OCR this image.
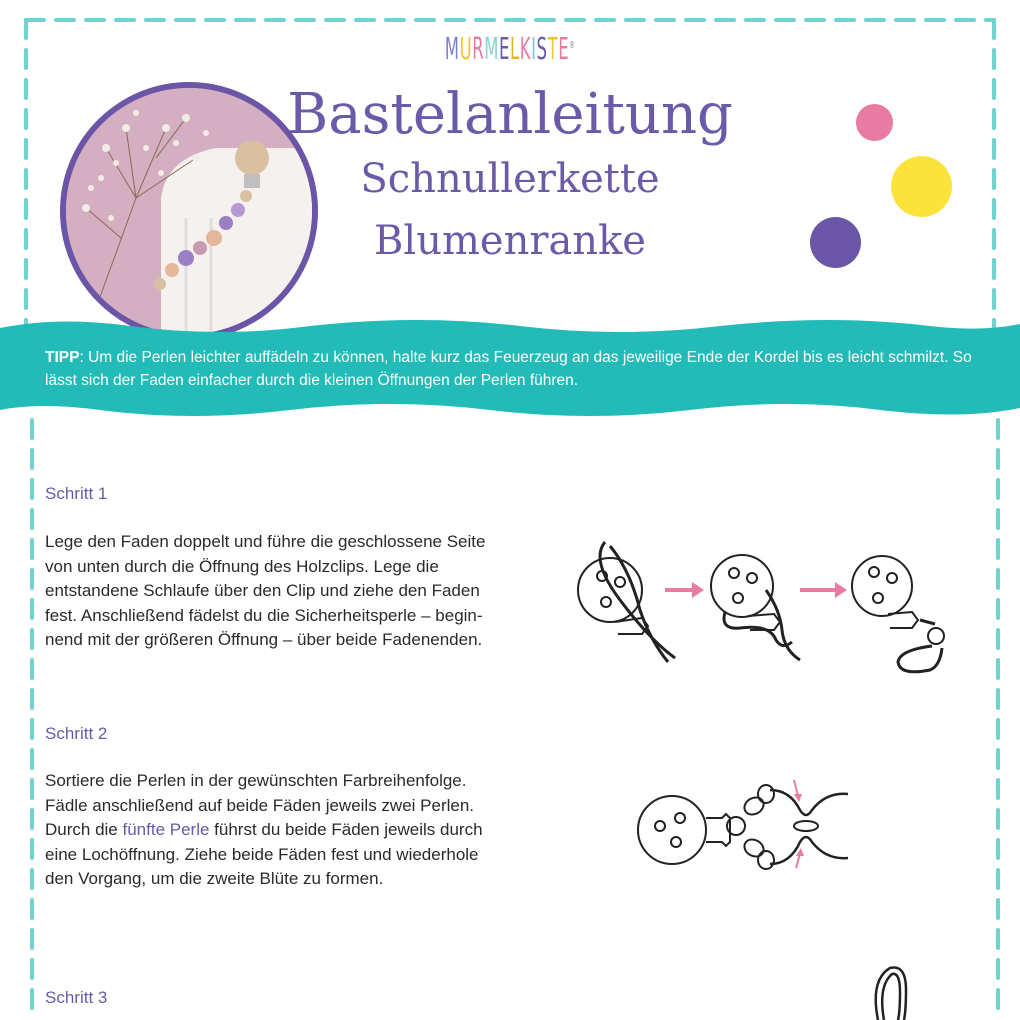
MURMELKISTE®
Bastelanleitung
Schnullerkette
Blumenranke
TIPP: Um die Perlen leichter auffädeln zu können, halte kurz das Feuerzeug an das jeweilige Ende der Kordel bis es leicht schmilzt. So lässt sich der Faden einfacher durch die kleinen Öffnungen der Perlen führen.
Schritt 1
Lege den Faden doppelt und führe die geschlossene Seite
von unten durch die Öffnung des Holzclips. Lege die
entstandene Schlaufe über den Clip und ziehe den Faden
fest. Anschließend fädelst du die Sicherheitsperle – begin-
nend mit der größeren Öffnung – über beide Fadenenden.
Schritt 2
Sortiere die Perlen in der gewünschten Farbreihenfolge.
Fädle anschließend auf beide Fäden jeweils zwei Perlen.
Durch die fünfte Perle führst du beide Fäden jeweils durch
eine Lochöffnung. Ziehe beide Fäden fest und wiederhole
den Vorgang, um die zweite Blüte zu formen.
Schritt 3
